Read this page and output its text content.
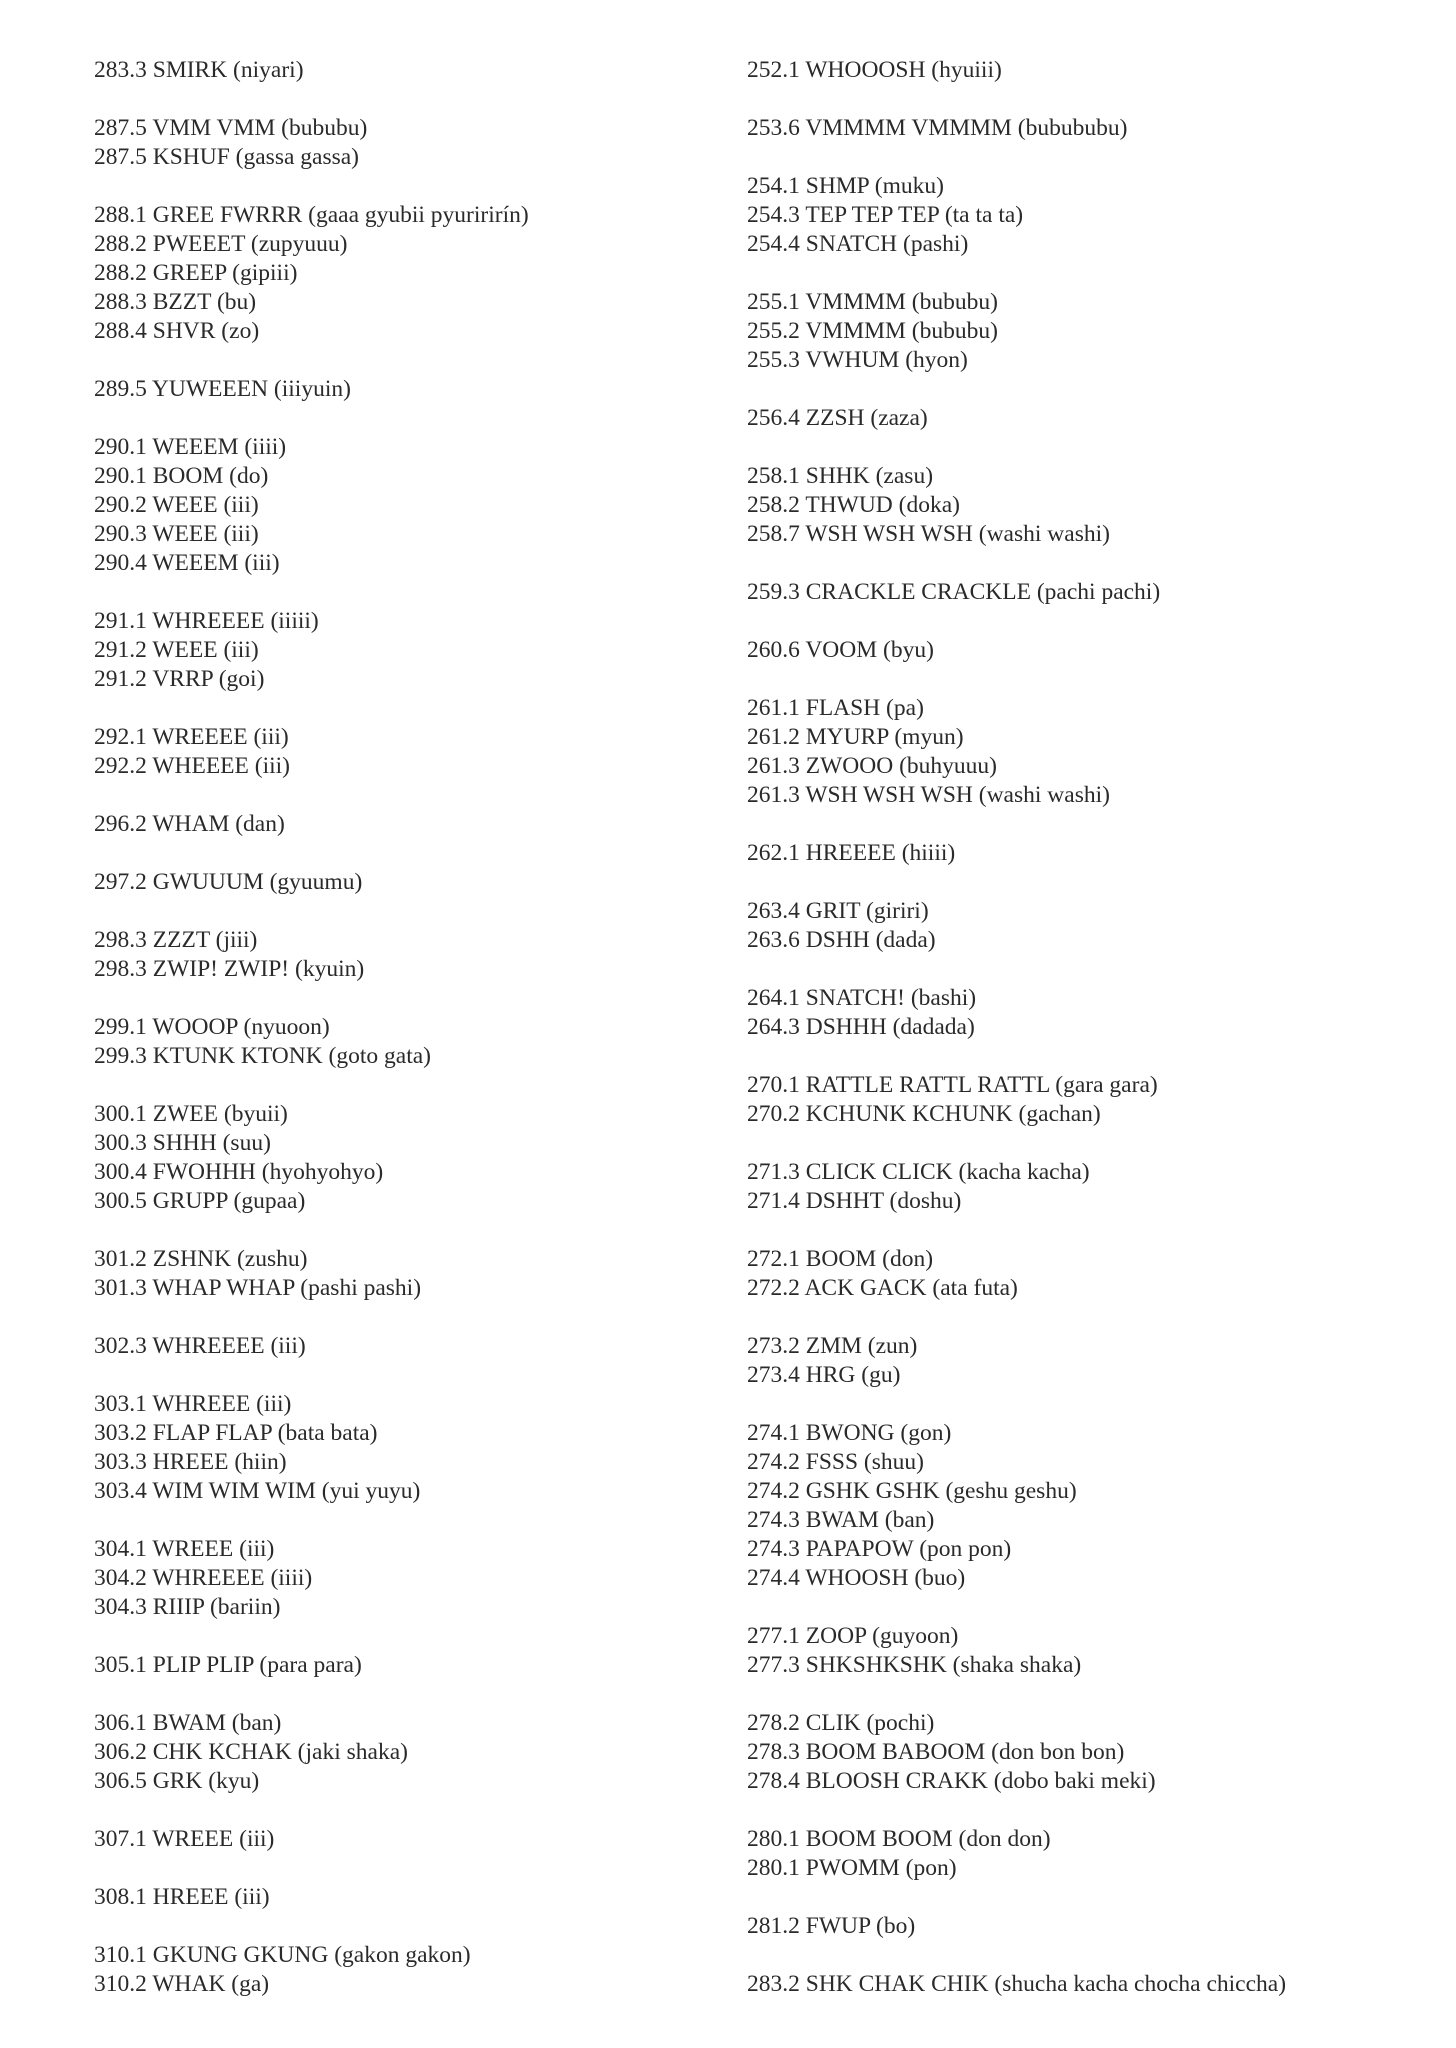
283.3 SMIRK (niyari)
287.5 VMM VMM (bububu)
287.5 KSHUF (gassa gassa)
288.1 GREE FWRRR (gaaa gyubii pyuririrín)
288.2 PWEEET (zupyuuu)
288.2 GREEP (gipiii)
288.3 BZZT (bu)
288.4 SHVR (zo)
289.5 YUWEEEN (iiiyuin)
290.1 WEEEM (iiii)
290.1 BOOM (do)
290.2 WEEE (iii)
290.3 WEEE (iii)
290.4 WEEEM (iii)
291.1 WHREEEE (iiiii)
291.2 WEEE (iii)
291.2 VRRP (goi)
292.1 WREEEE (iii)
292.2 WHEEEE (iii)
296.2 WHAM (dan)
297.2 GWUUUM (gyuumu)
298.3 ZZZT (jiii)
298.3 ZWIP! ZWIP! (kyuin)
299.1 WOOOP (nyuoon)
299.3 KTUNK KTONK (goto gata)
300.1 ZWEE (byuii)
300.3 SHHH (suu)
300.4 FWOHHH (hyohyohyo)
300.5 GRUPP (gupaa)
301.2 ZSHNK (zushu)
301.3 WHAP WHAP (pashi pashi)
302.3 WHREEEE (iii)
303.1 WHREEE (iii)
303.2 FLAP FLAP (bata bata)
303.3 HREEE (hiin)
303.4 WIM WIM WIM (yui yuyu)
304.1 WREEE (iii)
304.2 WHREEEE (iiii)
304.3 RIIIP (bariin)
305.1 PLIP PLIP (para para)
306.1 BWAM (ban)
306.2 CHK KCHAK (jaki shaka)
306.5 GRK (kyu)
307.1 WREEE (iii)
308.1 HREEE (iii)
310.1 GKUNG GKUNG (gakon gakon)
310.2 WHAK (ga)
252.1 WHOOOSH (hyuiii)
253.6 VMMMM VMMMM (bubububu)
254.1 SHMP (muku)
254.3 TEP TEP TEP (ta ta ta)
254.4 SNATCH (pashi)
255.1 VMMMM (bububu)
255.2 VMMMM (bububu)
255.3 VWHUM (hyon)
256.4 ZZSH (zaza)
258.1 SHHK (zasu)
258.2 THWUD (doka)
258.7 WSH WSH WSH (washi washi)
259.3 CRACKLE CRACKLE (pachi pachi)
260.6 VOOM (byu)
261.1 FLASH (pa)
261.2 MYURP (myun)
261.3 ZWOOO (buhyuuu)
261.3 WSH WSH WSH (washi washi)
262.1 HREEEE (hiiii)
263.4 GRIT (giriri)
263.6 DSHH (dada)
264.1 SNATCH! (bashi)
264.3 DSHHH (dadada)
270.1 RATTLE RATTL RATTL (gara gara)
270.2 KCHUNK KCHUNK (gachan)
271.3 CLICK CLICK (kacha kacha)
271.4 DSHHT (doshu)
272.1 BOOM (don)
272.2 ACK GACK (ata futa)
273.2 ZMM (zun)
273.4 HRG (gu)
274.1 BWONG (gon)
274.2 FSSS (shuu)
274.2 GSHK GSHK (geshu geshu)
274.3 BWAM (ban)
274.3 PAPAPOW (pon pon)
274.4 WHOOSH (buo)
277.1 ZOOP (guyoon)
277.3 SHKSHKSHK (shaka shaka)
278.2 CLIK (pochi)
278.3 BOOM BABOOM (don bon bon)
278.4 BLOOSH CRAKK (dobo baki meki)
280.1 BOOM BOOM (don don)
280.1 PWOMM (pon)
281.2 FWUP (bo)
283.2 SHK CHAK CHIK (shucha kacha chocha chiccha)
